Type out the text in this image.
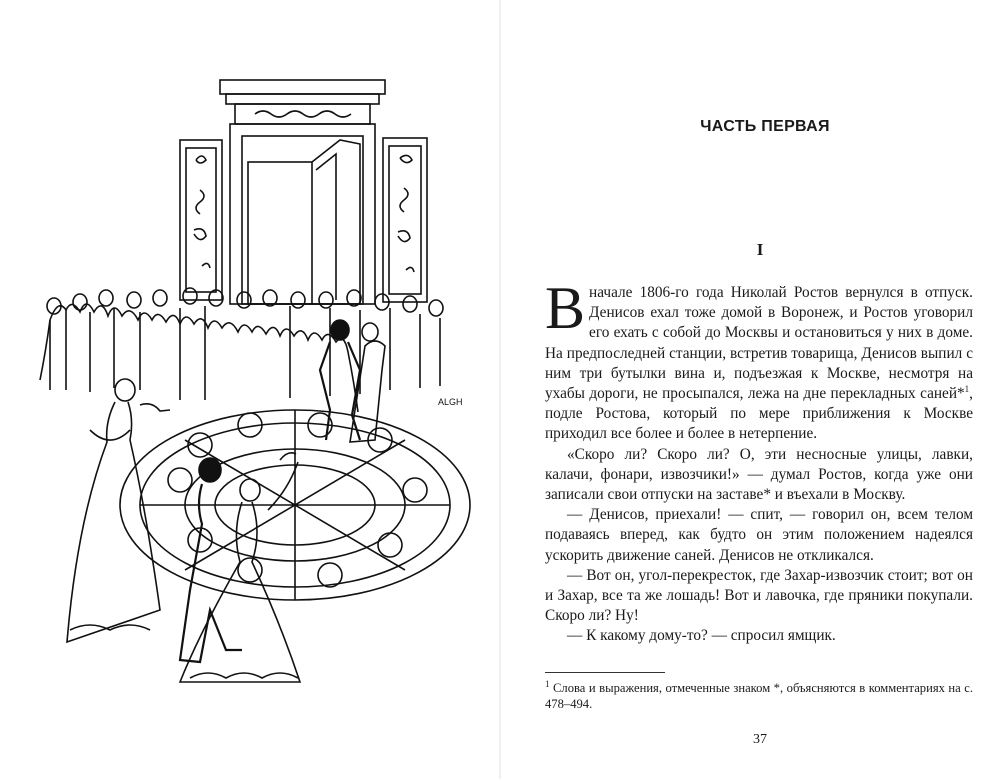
ALGH
ЧАСТЬ ПЕРВАЯ
I

Вначале 1806-го года Николай Ростов вернулся в отпуск. Денисов ехал тоже домой в Воронеж, и Ростов уговорил его ехать с собой до Москвы и остановиться у них в доме. На предпоследней станции, встретив товарища, Денисов выпил с ним три бутылки вина и, подъезжая к Москве, несмотря на ухабы дороги, не просыпался, лежа на дне перекладных саней*$^1$, подле Ростова, который по мере приближения к Москве приходил все более и более в нетерпение.

«Скоро ли? Скоро ли? О, эти несносные улицы, лавки, калачи, фонари, извозчики!» — думал Ростов, когда уже они записали свои отпуски на заставе* и въехали в Москву.

— Денисов, приехали! — спит, — говорил он, всем телом подаваясь вперед, как будто он этим положением надеялся ускорить движение саней. Денисов не откликался.

— Вот он, угол-перекресток, где Захар-извозчик стоит; вот он и Захар, все та же лошадь! Вот и лавочка, где пряники покупали. Скоро ли? Ну!

— К какому дому-то? — спросил ямщик.

$^1$ Слова и выражения, отмеченные знаком *, объясняются в комментариях на с. 478–494.
37
